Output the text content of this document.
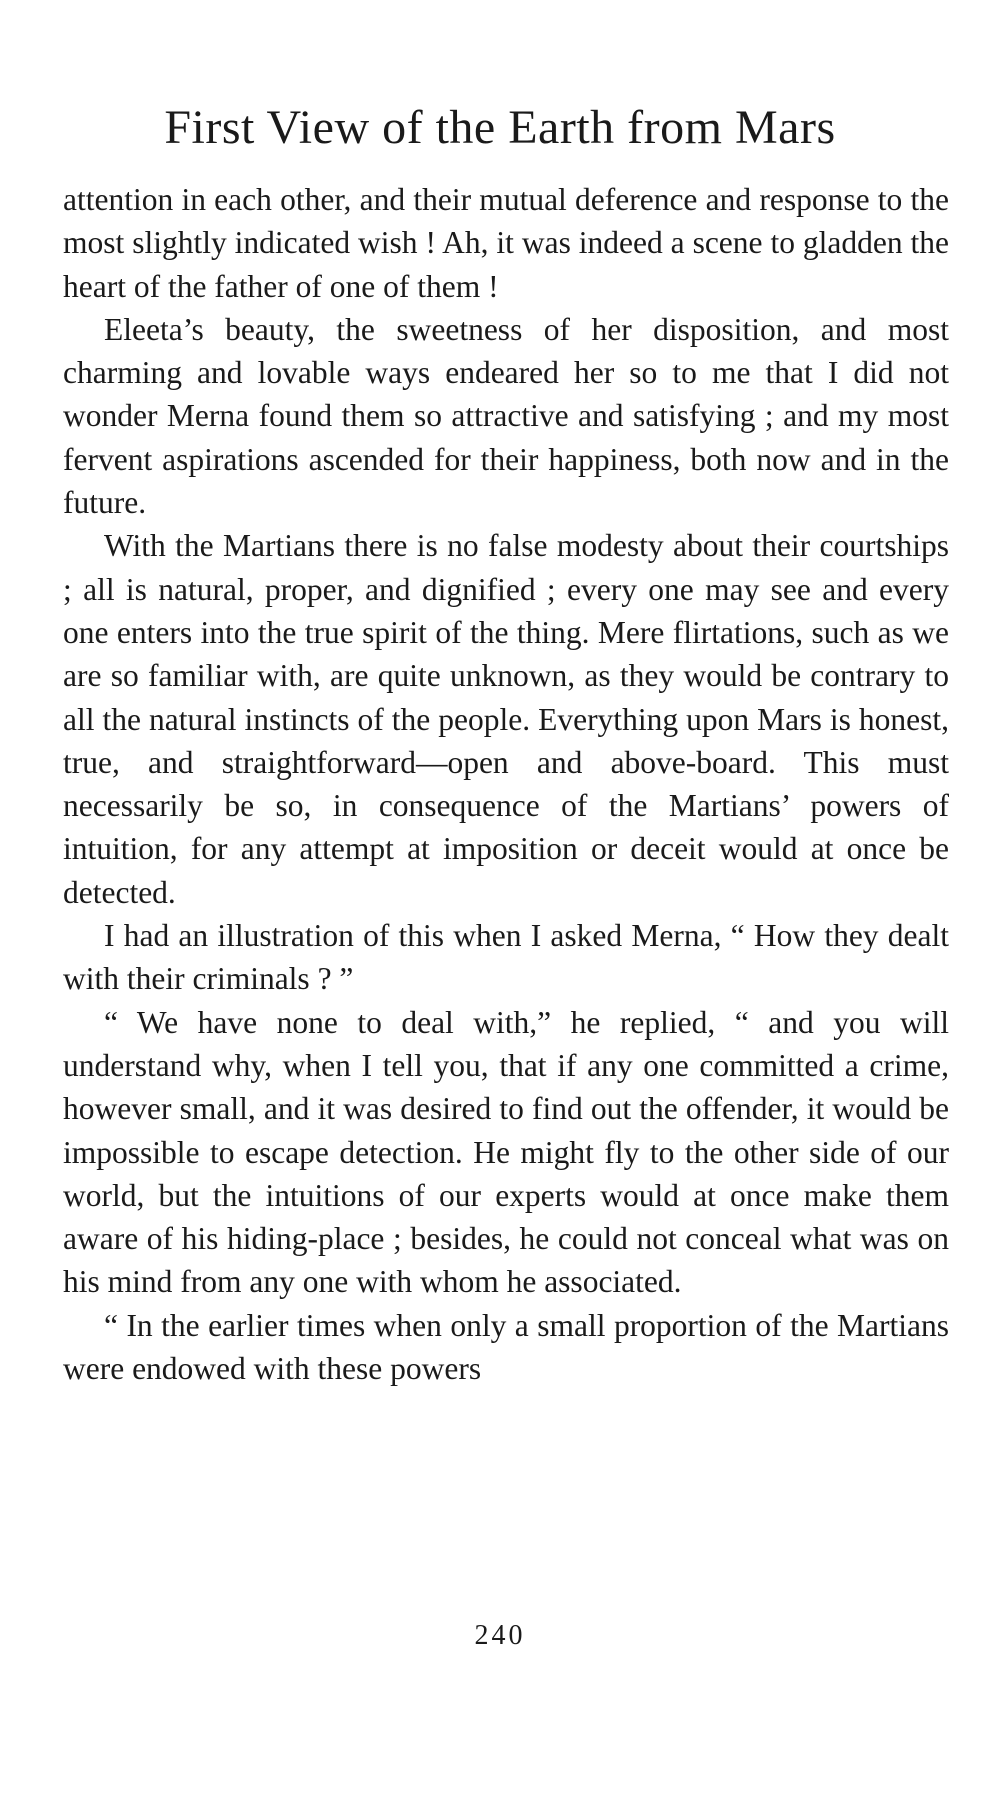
First View of the Earth from Mars

attention in each other, and their mutual deference and response to the most slightly indicated wish ! Ah, it was indeed a scene to gladden the heart of the father of one of them !

Eleeta’s beauty, the sweetness of her disposition, and most charming and lovable ways endeared her so to me that I did not wonder Merna found them so attractive and satisfying ; and my most fervent aspirations ascended for their happiness, both now and in the future.

With the Martians there is no false modesty about their courtships ; all is natural, proper, and dignified ; every one may see and every one enters into the true spirit of the thing. Mere flirtations, such as we are so familiar with, are quite unknown, as they would be contrary to all the natural instincts of the people. Everything upon Mars is honest, true, and straightforward—open and above-board. This must necessarily be so, in consequence of the Martians’ powers of intuition, for any attempt at imposition or deceit would at once be detected.

I had an illustration of this when I asked Merna, “ How they dealt with their criminals ? ”

“ We have none to deal with,” he replied, “ and you will understand why, when I tell you, that if any one committed a crime, however small, and it was desired to find out the offender, it would be impossible to escape detection. He might fly to the other side of our world, but the intuitions of our experts would at once make them aware of his hiding-place ; besides, he could not conceal what was on his mind from any one with whom he associated.

“ In the earlier times when only a small proportion of the Martians were endowed with these powers

240
